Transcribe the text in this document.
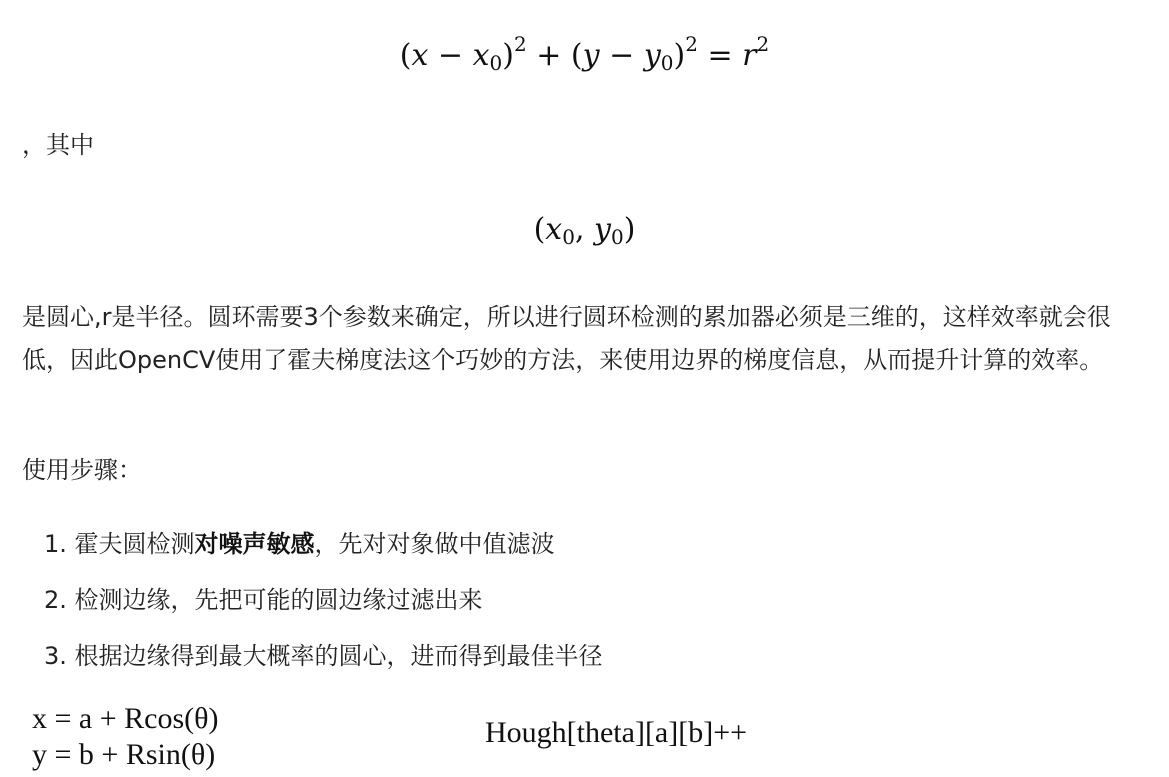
$(x - x_0)^2 + (y - y_0)^2 = r^2$
，其中
($x_0$, $y_0$)
是圆心,r是半径。圆环需要3个参数来确定，所以进行圆环检测的累加器必须是三维的，这样效率就会很低，因此OpenCV使用了霍夫梯度法这个巧妙的方法，来使用边界的梯度信息，从而提升计算的效率。
使用步骤：
1. 霍夫圆检测对噪声敏感，先对对象做中值滤波
2. 检测边缘，先把可能的圆边缘过滤出来
3. 根据边缘得到最大概率的圆心，进而得到最佳半径
x = a + Rcos(θ)
y = b + Rsin(θ)
Hough[theta][a][b]++
